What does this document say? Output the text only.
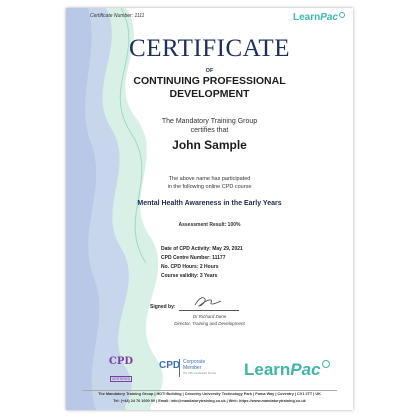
Certificate Number: 1111	LearnPac
CERTIFICATE
OF
CONTINUING PROFESSIONAL
DEVELOPMENT
The Mandatory Training Group
certifies that
John Sample
The above name has participated
in the following online CPD course
Mental Health Awareness in the Early Years
Assessment Result: 100%
Date of CPD Activity: May 29, 2021
CPD Centre Number: 11177
No. CPD Hours: 2 Hours
Course validity: 3 Years
Signed by:
Dr Richard Dune
Director, Training and Development
CPD
CERTIFIED
CPD Corporate
Member
The CPD Certification Service LearnPac
The Mandatory Training Group | HDTI Building | Coventry University Technology Park | Puma Way | Coventry | CV1 2TT | UK
Tel: (+44) 24 76 1000 90 | Email: info@mandatorytraining.co.uk | Web: https://www.mandatorytraining.co.uk
